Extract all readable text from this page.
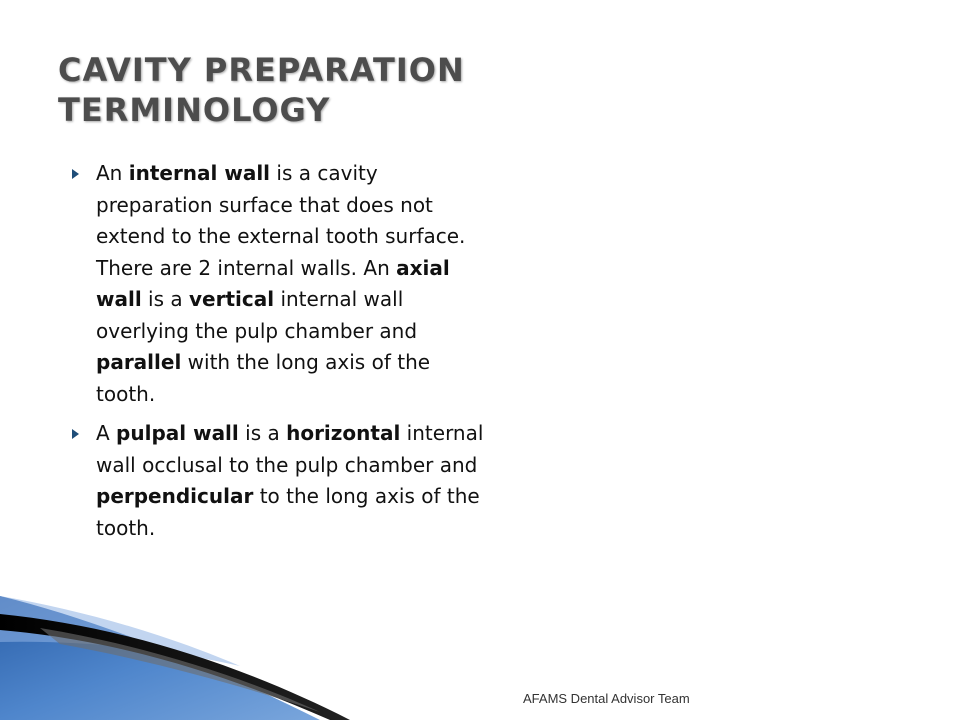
CAVITY PREPARATION
TERMINOLOGY
An internal wall is a cavity preparation surface that does not extend to the external tooth surface. There are 2 internal walls. An axial wall is a vertical internal wall overlying the pulp chamber and parallel with the long axis of the tooth.
A pulpal wall is a horizontal internal wall occlusal to the pulp chamber and perpendicular to the long axis of the tooth.
AFAMS Dental Advisor Team
